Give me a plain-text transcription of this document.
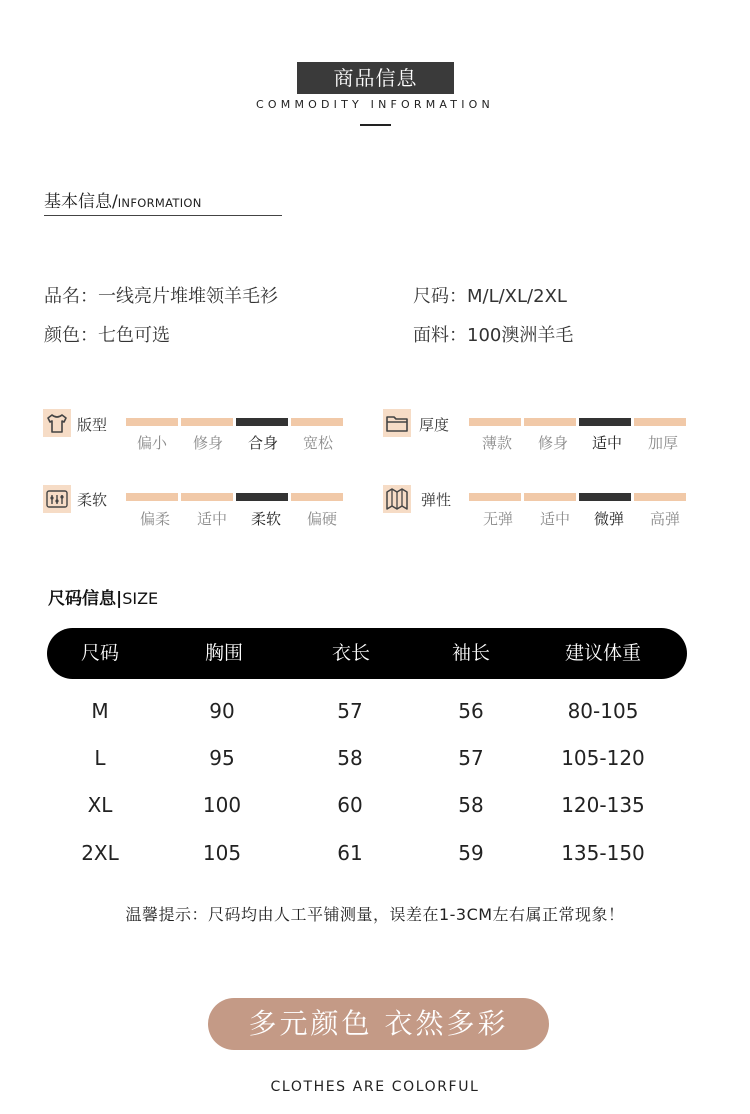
商品信息
COMMODITY INFORMATION
基本信息/INFORMATION
品名：一线亮片堆堆领羊毛衫	尺码：M/L/XL/2XL
颜色：七色可选	面料：100澳洲羊毛
版型
偏小	修身	合身	宽松
厚度
薄款	修身	适中	加厚
柔软
偏柔	适中	柔软	偏硬
弹性
无弹	适中	微弹	高弹
尺码信息|SIZE
尺码	胸围	衣长	袖长	建议体重
M	90	57	56	80-105
L	95	58	57	105-120
XL	100	60	58	120-135
2XL	105	61	59	135-150
温馨提示：尺码均由人工平铺测量，误差在1-3CM左右属正常现象！
多元颜色 衣然多彩
CLOTHES ARE COLORFUL
